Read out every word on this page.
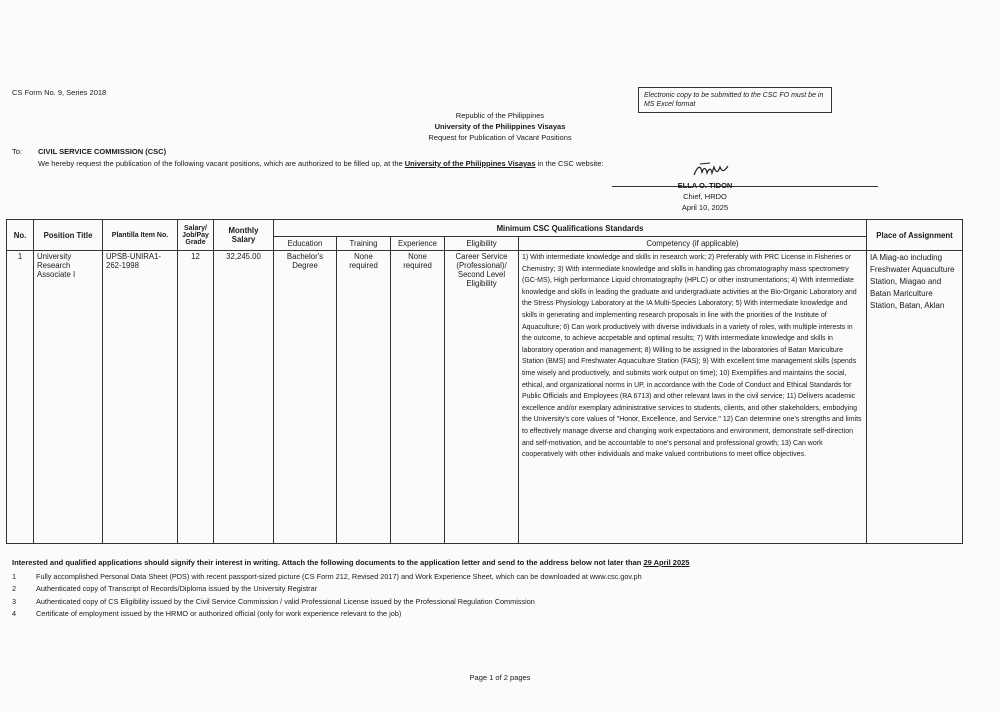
CS Form No. 9, Series 2018	Electronic copy to be submitted to the CSC FO must be in MS Excel format
Republic of the Philippines
University of the Philippines Visayas
Request for Publication of Vacant Positions
To: CIVIL SERVICE COMMISSION (CSC)
We hereby request the publication of the following vacant positions, which are authorized to be filled up, at the University of the Philippines Visayas in the CSC website:
ELLA O. TIDON
Chief, HRDO
April 10, 2025
No.	Position Title	Plantilla Item No.	Salary/ Job/Pay Grade	Monthly Salary	Minimum CSC Qualifications Standards					Place of Assignment
					Education	Training	Experience	Eligibility	Competency (if applicable)	
1	University Research Associate I	UPSB-UNIRA1-262-1998	12	32,245.00	Bachelor's Degree	None required	None required	Career Service (Professional)/ Second Level Eligibility	1) With intermediate knowledge and skills in research work; 2) Preferably with PRC License in Fisheries or Chemistry; 3) With intermediate knowledge and skills in handling gas chromatography mass spectrometry (GC-MS), High performance Liquid chromatography (HPLC) or other instrumentations; 4) With intermediate knowledge and skills in leading the graduate and undergraduate activities at the Bio-Organic Laboratory and the Stress Physiology Laboratory at the IA Multi-Species Laboratory; 5) With intermediate knowledge and skills in generating and implementing research proposals in line with the priorities of the Institute of Aquaculture; 6) Can work productively with diverse individuals in a variety of roles, with multiple interests in the outcome, to achieve accpetable and optimal results; 7) With intermediate knowledge and skills in laboratory operation and management; 8) Willing to be assigned in the laboratories of Batan Mariculture Station (BMS) and Freshwater Aquaculture Station (FAS); 9) With excellent time management skills (spends time wisely and productively, and submits work output on time); 10) Exemplifies and maintains the social, ethical, and organizational norms in UP, in accordance with the Code of Conduct and Ethical Standards for Public Officials and Employees (RA 6713) and other relevant laws in the civil service; 11) Delivers academic excellence and/or exemplary administrative services to students, clients, and other stakeholders, embodying the University's core values of "Honor, Excellence, and Service." 12) Can determine one's strengths and limits to effectively manage diverse and changing work expectations and environment, demonstrate self-direction and self-motivation, and be accountable to one's personal and professional growth; 13) Can work cooperatively with other individuals and make valued contributions to meet office objectives.	IA Miag-ao including Freshwater Aquaculture Station, Miagao and Batan Mariculture Station, Batan, Aklan
Interested and qualified applications should signify their interest in writing. Attach the following documents to the application letter and send to the address below not later than 29 April 2025
1	Fully accomplished Personal Data Sheet (PDS) with recent passport-sized picture (CS Form 212, Revised 2017) and Work Experience Sheet, which can be downloaded at www.csc.gov.ph
2	Authenticated copy of Transcript of Records/Diploma issued by the University Registrar
3	Authenticated copy of CS Eligibility issued by the Civil Service Commission / valid Professional License issued by the Professional Regulation Commission
4	Certificate of employment issued by the HRMO or authorized official (only for work experience relevant to the job)
Page 1 of 2 pages
